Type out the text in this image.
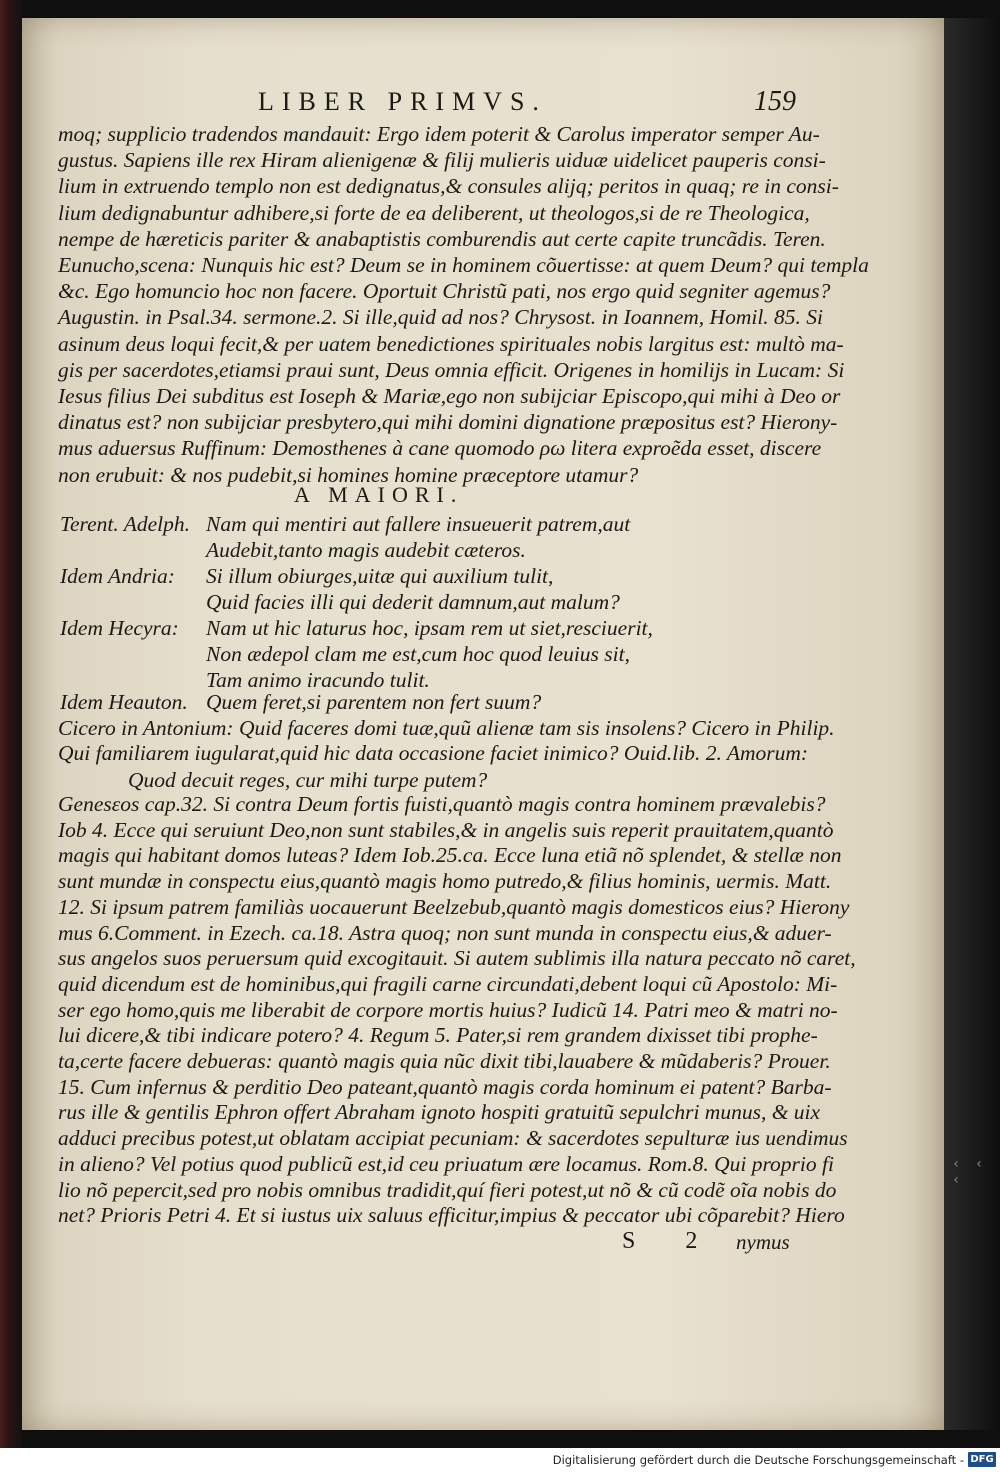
‹ ‹ ‹
LIBER PRIMVS.	159
moq; supplicio tradendos mandauit: Ergo idem poterit & Carolus imperator semper Au-
gustus. Sapiens ille rex Hiram alienigenæ & filij mulieris uiduæ uidelicet pauperis consi-
lium in extruendo templo non est dedignatus,& consules alijq; peritos in quaq; re in consi-
lium dedignabuntur adhibere,si forte de ea deliberent, ut theologos,si de re Theologica,
nempe de hæreticis pariter & anabaptistis comburendis aut certe capite truncãdis. Teren.
Eunucho,scena: Nunquis hic est? Deum se in hominem cõuertisse: at quem Deum? qui templa
&c. Ego homuncio hoc non facere. Oportuit Christũ pati, nos ergo quid segniter agemus?
Augustin. in Psal.34. sermone.2. Si ille,quid ad nos? Chrysost. in Ioannem, Homil. 85. Si
asinum deus loqui fecit,& per uatem benedictiones spirituales nobis largitus est: multò ma-
gis per sacerdotes,etiamsi praui sunt, Deus omnia efficit. Origenes in homilijs in Lucam: Si
Iesus filius Dei subditus est Ioseph & Mariæ,ego non subijciar Episcopo,qui mihi à Deo or
dinatus est? non subijciar presbytero,qui mihi domini dignatione præpositus est? Hierony-
mus aduersus Ruffinum: Demosthenes à cane quomodo ρω litera exproẽda esset, discere
non erubuit: & nos pudebit,si homines homine præceptore utamur?
A MAIORI.
Terent. Adelph. Nam qui mentiri aut fallere insueuerit patrem,aut
Audebit,tanto magis audebit cæteros.
Idem Andria: Si illum obiurges,uitæ qui auxilium tulit,
Quid facies illi qui dederit damnum,aut malum?
Idem Hecyra: Nam ut hic laturus hoc, ipsam rem ut siet,resciuerit,
Non ædepol clam me est,cum hoc quod leuius sit,
Tam animo iracundo tulit.
Idem Heauton. Quem feret,si parentem non fert suum?
Cicero in Antonium: Quid faceres domi tuæ,quũ alienæ tam sis insolens? Cicero in Philip.
Qui familiarem iugularat,quid hic data occasione faciet inimico? Ouid.lib. 2. Amorum:
Quod decuit reges, cur mihi turpe putem?
Genesεos cap.32. Si contra Deum fortis fuisti,quantò magis contra hominem prævalebis?
Iob 4. Ecce qui seruiunt Deo,non sunt stabiles,& in angelis suis reperit prauitatem,quantò
magis qui habitant domos luteas? Idem Iob.25.ca. Ecce luna etiã nõ splendet, & stellæ non
sunt mundæ in conspectu eius,quantò magis homo putredo,& filius hominis, uermis. Matt.
12. Si ipsum patrem familiàs uocauerunt Beelzebub,quantò magis domesticos eius? Hierony
mus 6.Comment. in Ezech. ca.18. Astra quoq; non sunt munda in conspectu eius,& aduer-
sus angelos suos peruersum quid excogitauit. Si autem sublimis illa natura peccato nõ caret,
quid dicendum est de hominibus,qui fragili carne circundati,debent loqui cũ Apostolo: Mi-
ser ego homo,quis me liberabit de corpore mortis huius? Iudicũ 14. Patri meo & matri no-
lui dicere,& tibi indicare potero? 4. Regum 5. Pater,si rem grandem dixisset tibi prophe-
ta,certe facere debueras: quantò magis quia nũc dixit tibi,lauabere & mũdaberis? Prouer.
15. Cum infernus & perditio Deo pateant,quantò magis corda hominum ei patent? Barba-
rus ille & gentilis Ephron offert Abraham ignoto hospiti gratuitũ sepulchri munus, & uix
adduci precibus potest,ut oblatam accipiat pecuniam: & sacerdotes sepulturæ ius uendimus
in alieno? Vel potius quod publicũ est,id ceu priuatum ære locamus. Rom.8. Qui proprio fi
lio nõ pepercit,sed pro nobis omnibus tradidit,quí fieri potest,ut nõ & cũ codẽ oĩa nobis do
net? Prioris Petri 4. Et si iustus uix saluus efficitur,impius & peccator ubi cõparebit? Hiero
S 2 nymus
Digitalisierung gefördert durch die Deutsche Forschungsgemeinschaft - DFG
